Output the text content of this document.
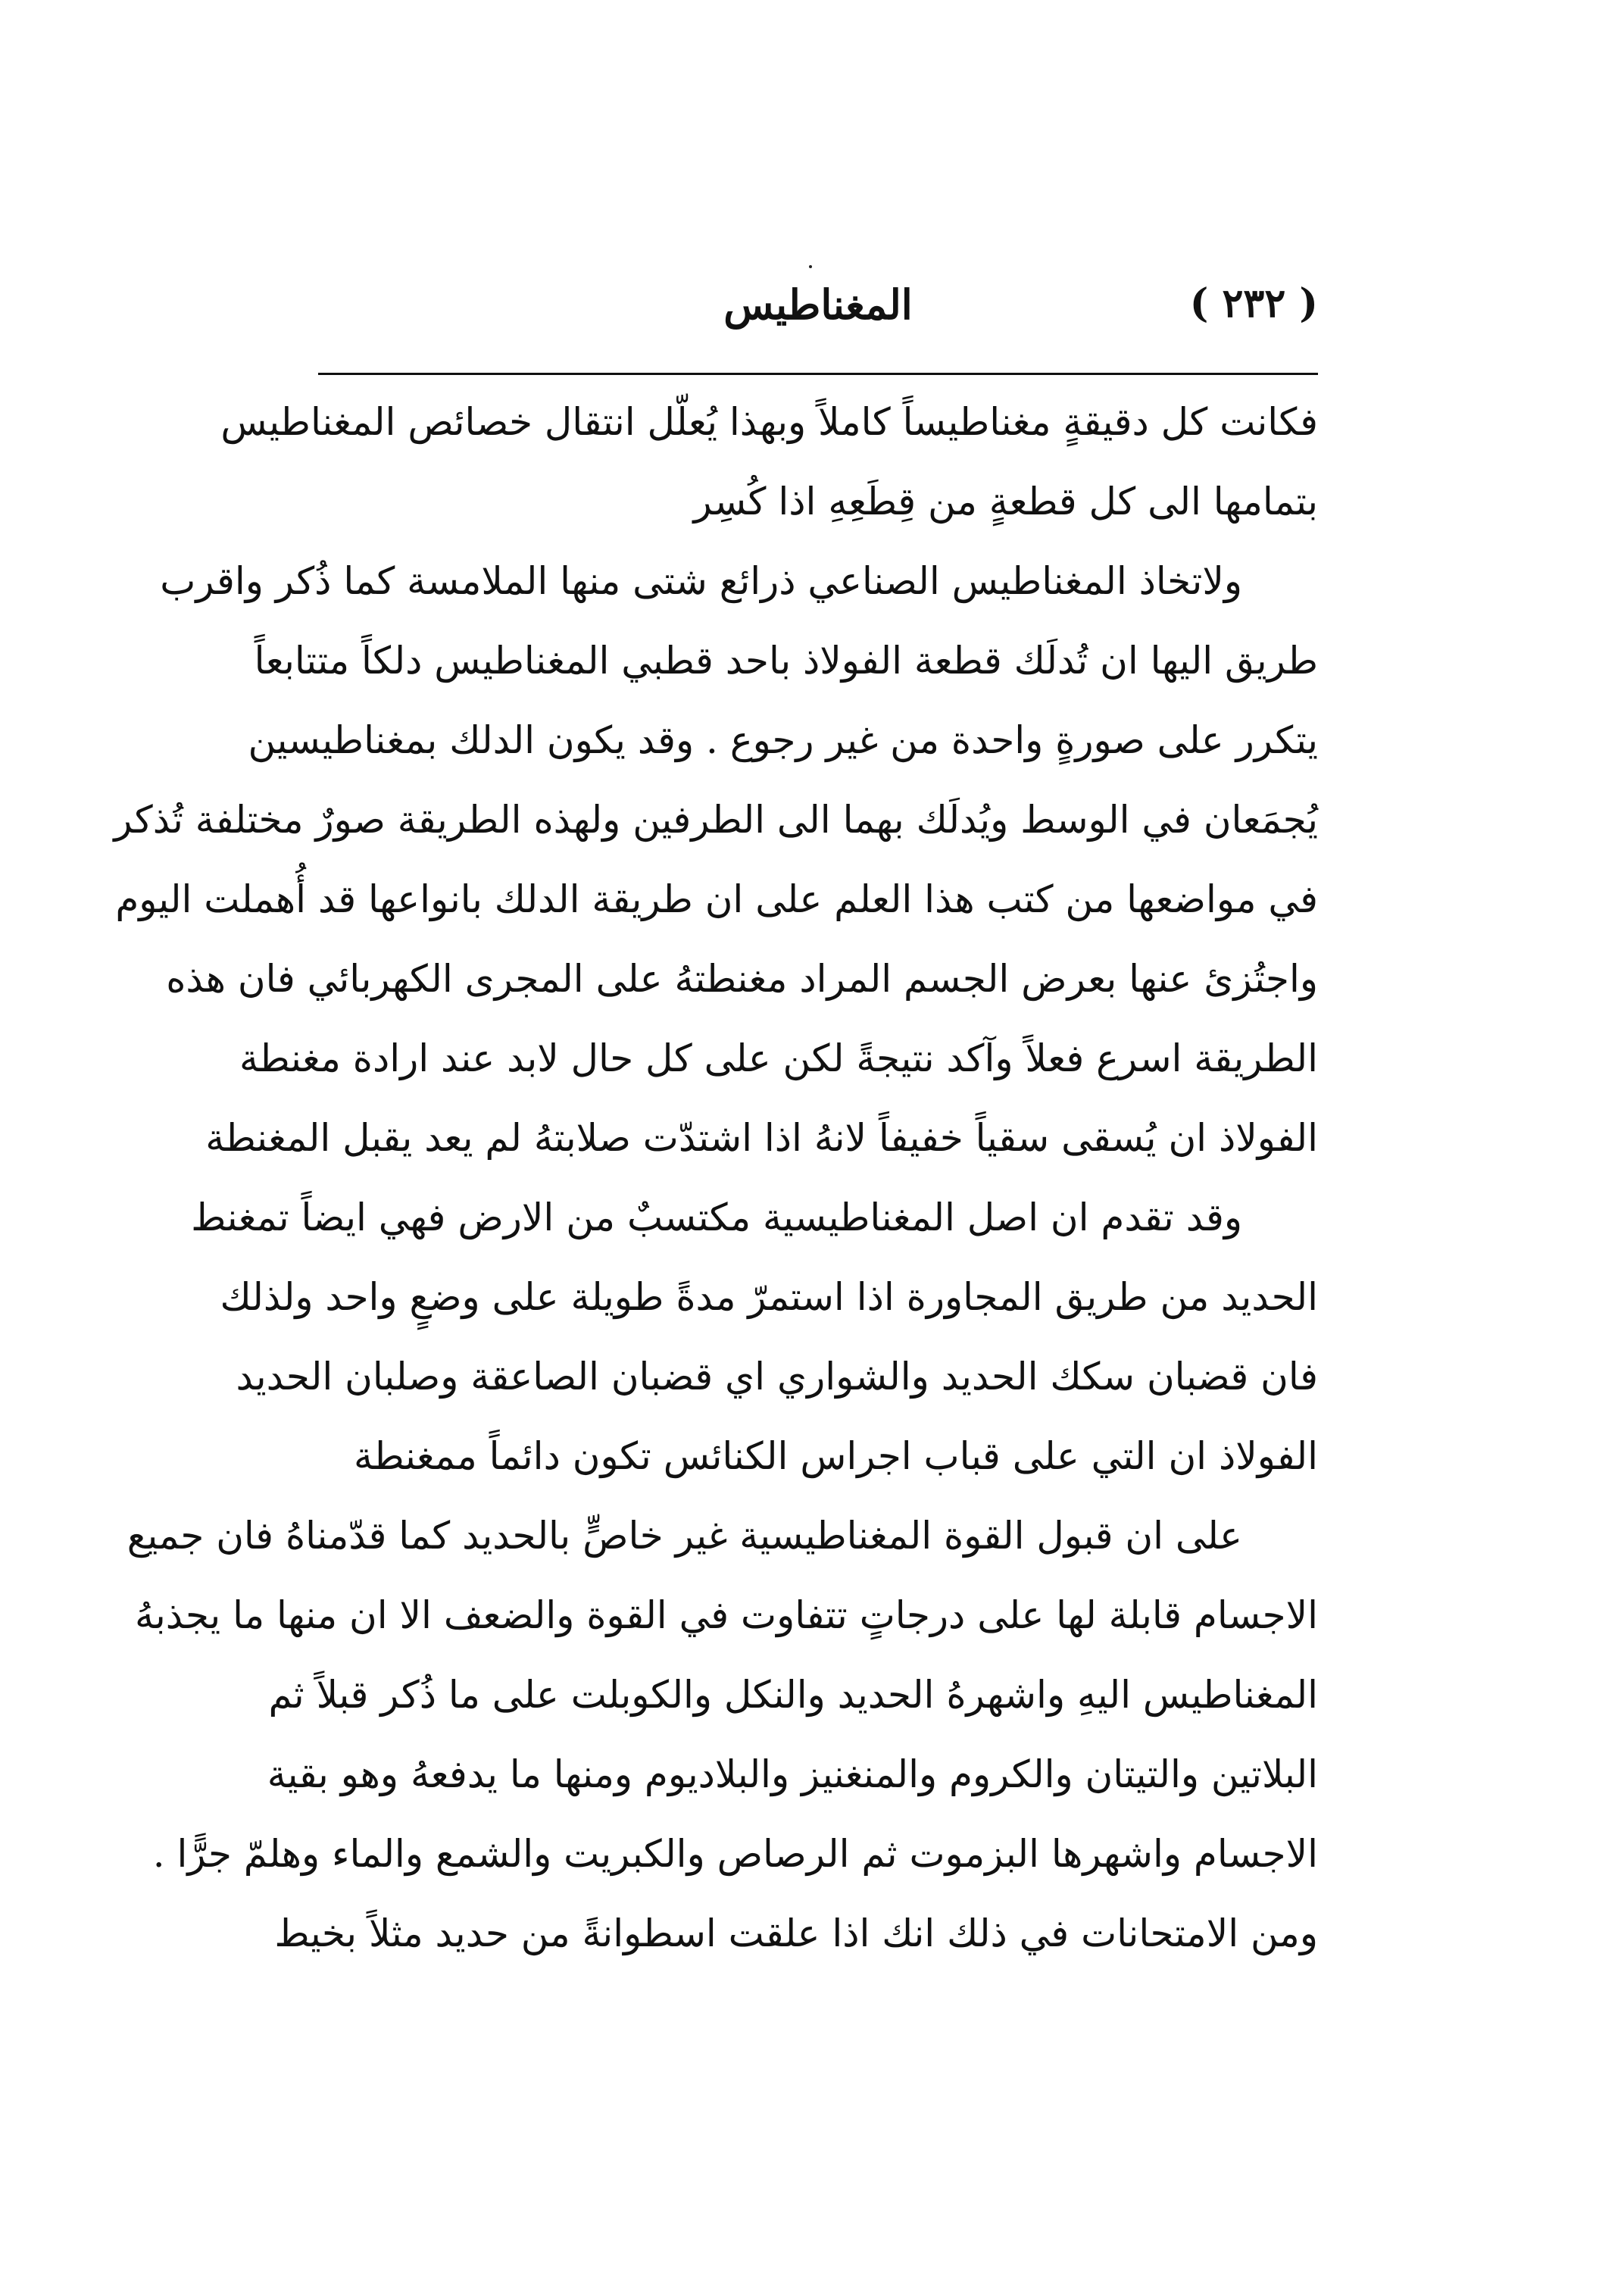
( ٢٣٢ )
المغناطيس
فكانت كل دقيقةٍ مغناطيساً كاملاً وبهذا يُعلّل انتقال خصائص المغناطيس
بتمامها الى كل قطعةٍ من قِطَعِهِ اذا كُسِر
ولاتخاذ المغناطيس الصناعي ذرائع شتى منها الملامسة كما ذُكر واقرب
طريق اليها ان تُدلَك قطعة الفولاذ باحد قطبي المغناطيس دلكاً متتابعاً
يتكرر على صورةٍ واحدة من غير رجوع . وقد يكون الدلك بمغناطيسين
يُجمَعان في الوسط ويُدلَك بهما الى الطرفين ولهذه الطريقة صورٌ مختلفة تُذكر
في مواضعها من كتب هذا العلم على ان طريقة الدلك بانواعها قد أُهملت اليوم
واجتُزئ عنها بعرض الجسم المراد مغنطتهُ على المجرى الكهربائي فان هذه
الطريقة اسرع فعلاً وآكد نتيجةً لكن على كل حال لابد عند ارادة مغنطة
الفولاذ ان يُسقى سقياً خفيفاً لانهُ اذا اشتدّت صلابتهُ لم يعد يقبل المغنطة
وقد تقدم ان اصل المغناطيسية مكتسبٌ من الارض فهي ايضاً تمغنط
الحديد من طريق المجاورة اذا استمرّ مدةً طويلة على وضعٍ واحد ولذلك
فان قضبان سكك الحديد والشواري اي قضبان الصاعقة وصلبان الحديد
الفولاذ ان التي على قباب اجراس الكنائس تكون دائماً ممغنطة
على ان قبول القوة المغناطيسية غير خاصٍّ بالحديد كما قدّمناهُ فان جميع
الاجسام قابلة لها على درجاتٍ تتفاوت في القوة والضعف الا ان منها ما يجذبهُ
المغناطيس اليهِ واشهرهُ الحديد والنكل والكوبلت على ما ذُكر قبلاً ثم
البلاتين والتيتان والكروم والمنغنيز والبلاديوم ومنها ما يدفعهُ وهو بقية
الاجسام واشهرها البزموت ثم الرصاص والكبريت والشمع والماء وهلمّ جرًّا .
ومن الامتحانات في ذلك انك اذا علقت اسطوانةً من حديد مثلاً بخيط
